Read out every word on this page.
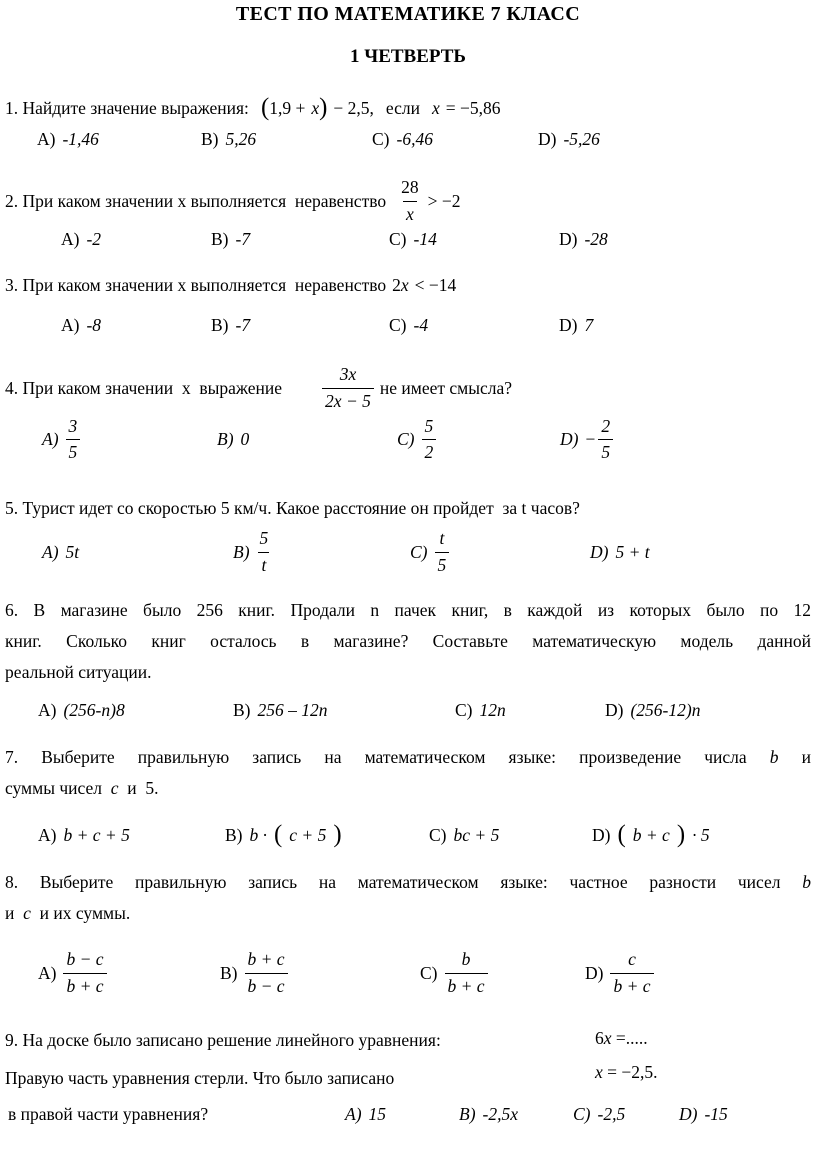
ТЕСТ ПО МАТЕМАТИКЕ 7 КЛАСС
1 ЧЕТВЕРТЬ
1. Найдите значение выражения: ( 1,9 + x ) − 2,5, если x = −5,86
A) -1,46	B) 5,26	C) -6,46	D) -5,26
2. При каком значении x выполняется  неравенство $\frac{28}{x} > -2$
A) -2	B) -7	C) -14	D) -28
3. При каком значении x выполняется  неравенство 2 x < −14
A) -8	B) -7	C) -4	D) 7
4. При каком значении  x  выражение $\frac{3x}{2x - 5}$ не имеет смысла?
$A) \frac{3}{5}$	B) 0	$C) \frac{5}{2}$	$D) - \frac{2}{5}$
5. Турист идет со скоростью 5 км/ч. Какое расстояние он пройдет  за t часов?
A) 5t	$B) \frac{5}{t}$	$C) \frac{t}{5}$	D) 5 + t
6. В магазине было 256 книг. Продали n пачек книг, в каждой из которых было по 12
книг. Сколько книг осталось в магазине? Составьте математическую модель данной
реальной ситуации.
A) (256-n)8	B) 256 – 12n	C) 12n	D) (256-12)n
7. Выберите правильную запись на математическом языке: произведение числа b и
суммы чисел c и 5.
A) b + c + 5	B) b · ( c + 5 )	C) bc + 5	D) ( b + c ) · 5
8. Выберите правильную запись на математическом языке: частное разности чисел b
и c и их суммы.
$A) \frac{b - c}{b + c}$	$B) \frac{b + c}{b - c}$	$C) \frac{b}{b + c}$	$D) \frac{c}{b + c}$
9. На доске было записано решение линейного уравнения:	6x =.....
Правую часть уравнения стерли. Что было записано	x = −2,5.
в правой части уравнения?	A) 15	B) -2,5x	C) -2,5	D) -15
